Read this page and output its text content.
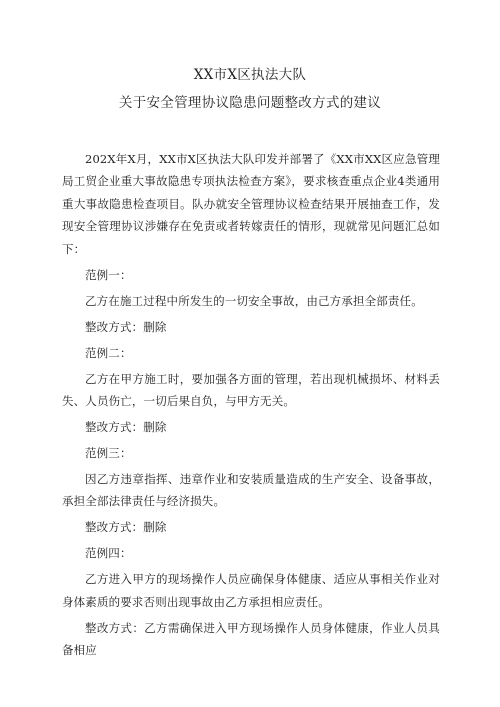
XX市X区执法大队
关于安全管理协议隐患问题整改方式的建议

202X年X月，XX市X区执法大队印发并部署了《XX市XX区应急管理局工贸企业重大事故隐患专项执法检查方案》，要求核查重点企业4类通用重大事故隐患检查项目。队办就安全管理协议检查结果开展抽查工作，发现安全管理协议涉嫌存在免责或者转嫁责任的情形，现就常见问题汇总如下：

范例一：

乙方在施工过程中所发生的一切安全事故，由己方承担全部责任。

整改方式：删除

范例二：

乙方在甲方施工时，要加强各方面的管理，若出现机械损坏、材料丢失、人员伤亡，一切后果自负，与甲方无关。

整改方式：删除

范例三：

因乙方违章指挥、违章作业和安装质量造成的生产安全、设备事故，承担全部法律责任与经济损失。

整改方式：删除

范例四：

乙方进入甲方的现场操作人员应确保身体健康、适应从事相关作业对身体素质的要求否则出现事故由乙方承担相应责任。

整改方式：乙方需确保进入甲方现场操作人员身体健康，作业人员具备相应
